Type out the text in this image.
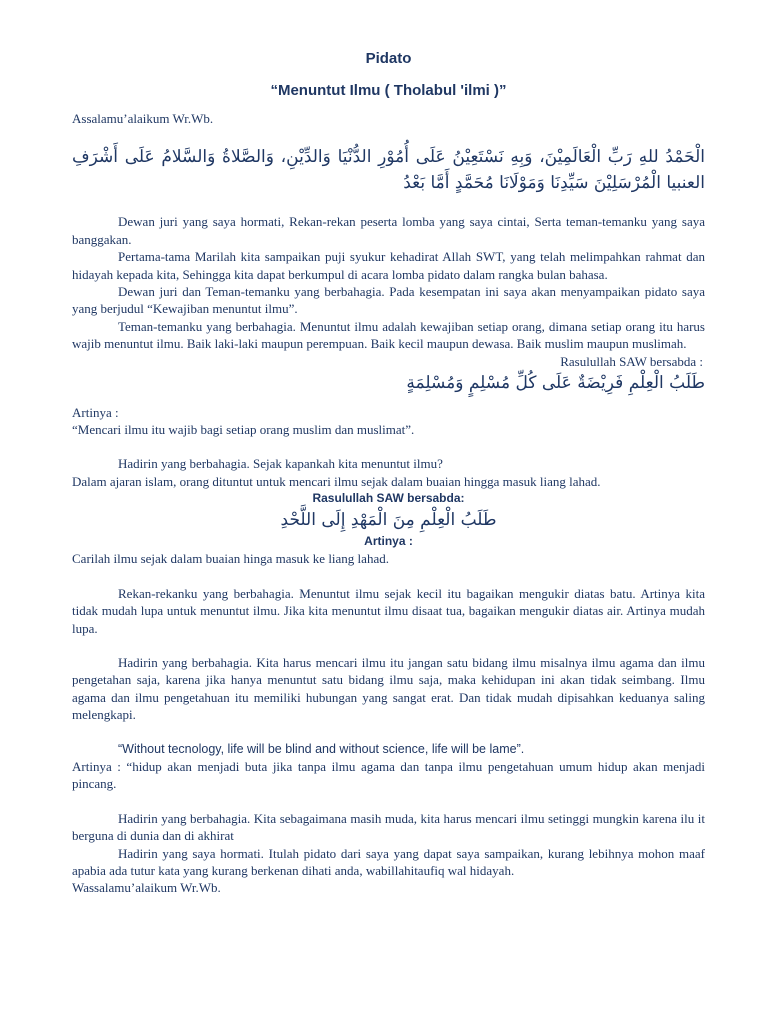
Pidato
“Menuntut Ilmu ( Tholabul 'ilmi )”

Assalamu’alaikum Wr.Wb.

الْحَمْدُ للهِ رَبِّ الْعَالَمِيْنَ، وَبِهِ نَسْتَعِيْنُ عَلَى أُمُوْرِ الدُّنْيَا وَالدِّيْنِ، وَالصَّلاةُ وَالسَّلامُ عَلَى أَشْرَفِ العنبيا الْمُرْسَلِيْنَ سَيِّدِنَا وَمَوْلَانَا مُحَمَّدٍ أَمَّا بَعْدُ

Dewan juri yang saya hormati, Rekan-rekan peserta lomba yang saya cintai, Serta teman-temanku yang saya banggakan.

Pertama-tama Marilah kita sampaikan puji syukur kehadirat Allah SWT, yang telah melimpahkan rahmat dan hidayah kepada kita, Sehingga kita dapat berkumpul di acara lomba pidato dalam rangka bulan bahasa.

Dewan juri dan Teman-temanku yang berbahagia. Pada kesempatan ini saya akan menyampaikan pidato saya yang berjudul “Kewajiban menuntut ilmu”.

Teman-temanku yang berbahagia. Menuntut ilmu adalah kewajiban setiap orang, dimana setiap orang itu harus wajib menuntut ilmu. Baik laki-laki maupun perempuan. Baik kecil maupun dewasa. Baik muslim maupun muslimah.

Rasulullah SAW bersabda :
طَلَبُ الْعِلْمِ فَرِيْضَةٌ عَلَى كُلِّ مُسْلِمٍ وَمُسْلِمَةٍ

Artinya :

“Mencari ilmu itu wajib bagi setiap orang muslim dan muslimat”.

Hadirin yang berbahagia. Sejak kapankah kita menuntut ilmu?

Dalam ajaran islam, orang dituntut untuk mencari ilmu sejak dalam buaian hingga masuk liang lahad.

Rasulullah SAW bersabda:
طَلَبُ الْعِلْمِ مِنَ الْمَهْدِ إِلَى اللَّحْدِ
Artinya :

Carilah ilmu sejak dalam buaian hinga masuk ke liang lahad.

Rekan-rekanku yang berbahagia. Menuntut ilmu sejak kecil itu bagaikan mengukir diatas batu. Artinya kita tidak mudah lupa untuk menuntut ilmu. Jika kita menuntut ilmu disaat tua, bagaikan mengukir diatas air. Artinya mudah lupa.

Hadirin yang berbahagia. Kita harus mencari ilmu itu jangan satu bidang ilmu misalnya ilmu agama dan ilmu pengetahan saja, karena jika hanya menuntut satu bidang ilmu saja, maka kehidupan ini akan tidak seimbang. Ilmu agama dan ilmu pengetahuan itu memiliki hubungan yang sangat erat. Dan tidak mudah dipisahkan keduanya saling melengkapi.

“Without tecnology, life will be blind and without science, life will be lame”.

Artinya : “hidup akan menjadi buta jika tanpa ilmu agama dan tanpa ilmu pengetahuan umum hidup akan menjadi pincang.

Hadirin yang berbahagia. Kita sebagaimana masih muda, kita harus mencari ilmu setinggi mungkin karena ilu it berguna di dunia dan di akhirat

Hadirin yang saya hormati. Itulah pidato dari saya yang dapat saya sampaikan, kurang lebihnya mohon maaf apabia ada tutur kata yang kurang berkenan dihati anda, wabillahitaufiq wal hidayah.

Wassalamu’alaikum Wr.Wb.
